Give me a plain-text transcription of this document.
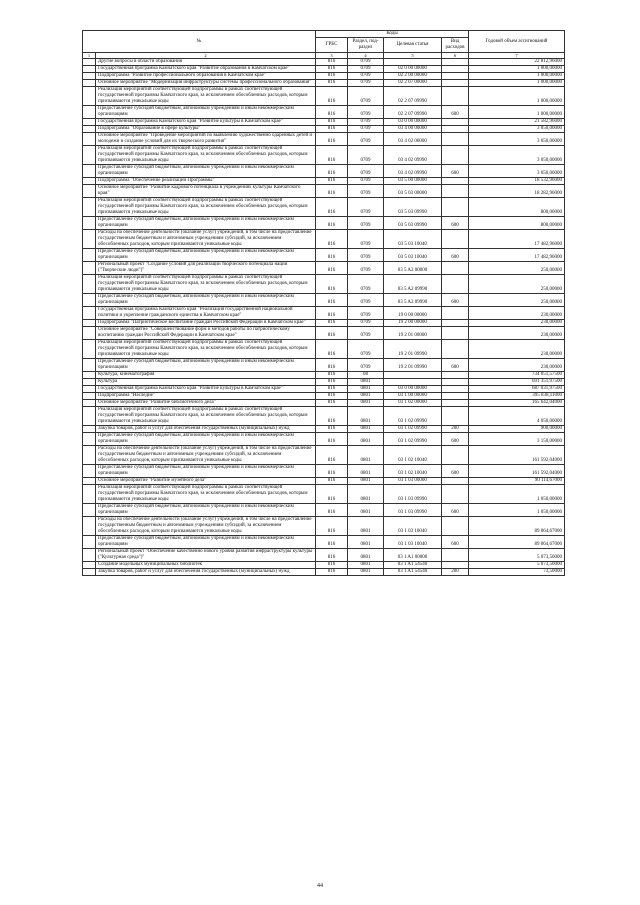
№		Коды				Годовой объем ассигнований
		ГРБС	Раздел, под-раздел	Целевая статья	Вид расходов	
1	2	3	4	5	6	7
	Другие вопросы в области образования	816	0709			22 812,96000
	Государственная программа Камчатского края "Развитие образования в Камчатском крае"	816	0709	02 0 00 00000		1 000,00000
	Подпрограмма "Развитие профессионального образования в Камчатском крае"	816	0709	02 2 00 00000		1 000,00000
	Основное мероприятие "Модернизация инфраструктуры системы профессионального образования"	816	0709	02 2 07 00000		1 000,00000
	Реализация мероприятий соответствующей подпрограммы в рамках соответствующей государственной программы Камчатского края, за исключением обособленных расходов, которым присваиваются уникальные коды	816	0709	02 2 07 09990		1 000,00000
	Предоставление субсидий бюджетным, автономным учреждениям и иным некоммерческим организациям	816	0709	02 2 07 09990	600	1 000,00000
	Государственная программа Камчатского края "Развитие культуры в Камчатском крае"	816	0709	03 0 00 00000		21 582,96000
	Подпрограмма "Образование в сфере культуры"	816	0709	03 4 00 00000		3 050,00000
	Основное мероприятие "Проведение мероприятий по выявлению художественно одаренных детей и молодежи и создание условий для их творческого развития"	816	0709	03 4 02 00000		3 050,00000
	Реализация мероприятий соответствующей подпрограммы в рамках соответствующей государственной программы Камчатского края, за исключением обособленных расходов, которым присваиваются уникальные коды	816	0709	03 4 02 09990		3 050,00000
	Предоставление субсидий бюджетным, автономным учреждениям и иным некоммерческим организациям	816	0709	03 4 02 09990	600	3 050,00000
	Подпрограмма "Обеспечение реализации Программы"	816	0709	03 5 00 00000		18 532,96000
	Основное мероприятие "Развитие кадрового потенциала в учреждениях культуры Камчатского края"	816	0709	03 5 03 00000		18 282,96000
	Реализация мероприятий соответствующей подпрограммы в рамках соответствующей государственной программы Камчатского края, за исключением обособленных расходов, которым присваиваются уникальные коды	816	0709	03 5 03 09990		800,00000
	Предоставление субсидий бюджетным, автономным учреждениям и иным некоммерческим организациям	816	0709	03 5 03 09990	600	800,00000
	Расходы на обеспечение деятельности (оказание услуг) учреждений, в том числе на предоставление государственным бюджетным и автономным учреждениям субсидий, за исключением обособленных расходов, которым присваиваются уникальные коды	816	0709	03 5 03 10040		17 482,96000
	Предоставление субсидий бюджетным, автономным учреждениям и иным некоммерческим организациям	816	0709	03 5 03 10040	600	17 482,96000
	Региональный проект "Создание условий для реализации творческого потенциала нации ("Творческие люди")"	816	0709	03 5 A2 00000		250,00000
	Реализация мероприятий соответствующей подпрограммы в рамках соответствующей государственной программы Камчатского края, за исключением обособленных расходов, которым присваиваются уникальные коды	816	0709	03 5 A2 09990		250,00000
	Предоставление субсидий бюджетным, автономным учреждениям и иным некоммерческим организациям	816	0709	03 5 A2 09990	600	250,00000
	Государственная программа Камчатского края "Реализация государственной национальной политики и укрепление гражданского единства в Камчатском крае"	816	0709	19 0 00 00000		230,00000
	Подпрограмма "Патриотическое воспитание граждан Российской Федерации в Камчатском крае"	816	0709	19 2 00 00000		230,00000
	Основное мероприятие "Совершенствование форм и методов работы по патриотическому воспитанию граждан Российской Федерации в Камчатском крае"	816	0709	19 2 01 00000		230,00000
	Реализация мероприятий соответствующей подпрограммы в рамках соответствующей государственной программы Камчатского края, за исключением обособленных расходов, которым присваиваются уникальные коды	816	0709	19 2 01 09990		230,00000
	Предоставление субсидий бюджетным, автономным учреждениям и иным некоммерческим организациям	816	0709	19 2 01 09990	600	230,00000
	Культура, кинематография	816	08			734 051,57500
	Культура	816	0801			691 351,97500
	Государственная программа Камчатского края "Развитие культуры в Камчатском крае"	816	0801	03 0 00 00000		687 031,97500
	Подпрограмма "Наследие"	816	0801	03 1 00 00000		395 838,11000
	Основное мероприятие "Развитие библиотечного дела"	816	0801	03 1 02 00000		165 642,04000
	Реализация мероприятий соответствующей подпрограммы в рамках соответствующей государственной программы Камчатского края, за исключением обособленных расходов, которым присваиваются уникальные коды	816	0801	03 1 02 09990		4 050,00000
	Закупка товаров, работ и услуг для обеспечения государственных (муниципальных) нужд	816	0801	03 1 02 09990	200	900,00000
	Предоставление субсидий бюджетным, автономным учреждениям и иным некоммерческим организациям	816	0801	03 1 02 09990	600	3 150,00000
	Расходы на обеспечение деятельности (оказание услуг) учреждений, в том числе на предоставление государственным бюджетным и автономным учреждениям субсидий, за исключением обособленных расходов, которым присваиваются уникальные коды	816	0801	03 1 02 10040		161 592,04000
	Предоставление субсидий бюджетным, автономным учреждениям и иным некоммерческим организациям	816	0801	03 1 02 10040	600	161 592,04000
	Основное мероприятие "Развитие музейного дела"	816	0801	03 1 03 00000		90 114,67000
	Реализация мероприятий соответствующей подпрограммы в рамках соответствующей государственной программы Камчатского края, за исключением обособленных расходов, которым присваиваются уникальные коды	816	0801	03 1 03 09990		1 050,00000
	Предоставление субсидий бюджетным, автономным учреждениям и иным некоммерческим организациям	816	0801	03 1 03 09990	600	1 050,00000
	Расходы на обеспечение деятельности (оказание услуг) учреждений, в том числе на предоставление государственным бюджетным и автономным учреждениям субсидий, за исключением обособленных расходов, которым присваиваются уникальные коды	816	0801	03 1 03 10040		89 064,67000
	Предоставление субсидий бюджетным, автономным учреждениям и иным некоммерческим организациям	816	0801	03 1 03 10040	600	89 064,67000
	Региональный проект "Обеспечение качественно нового уровня развития инфраструктуры культуры ("Культурная среда")"	816	0801	03 1 A1 00000		5 073,50000
	Создание модельных муниципальных библиотек	816	0801	03 1 A1 54540		5 073,50000
	Закупка товаров, работ и услуг для обеспечения государственных (муниципальных) нужд	816	0801	03 1 A1 54540	200	73,50000
44
